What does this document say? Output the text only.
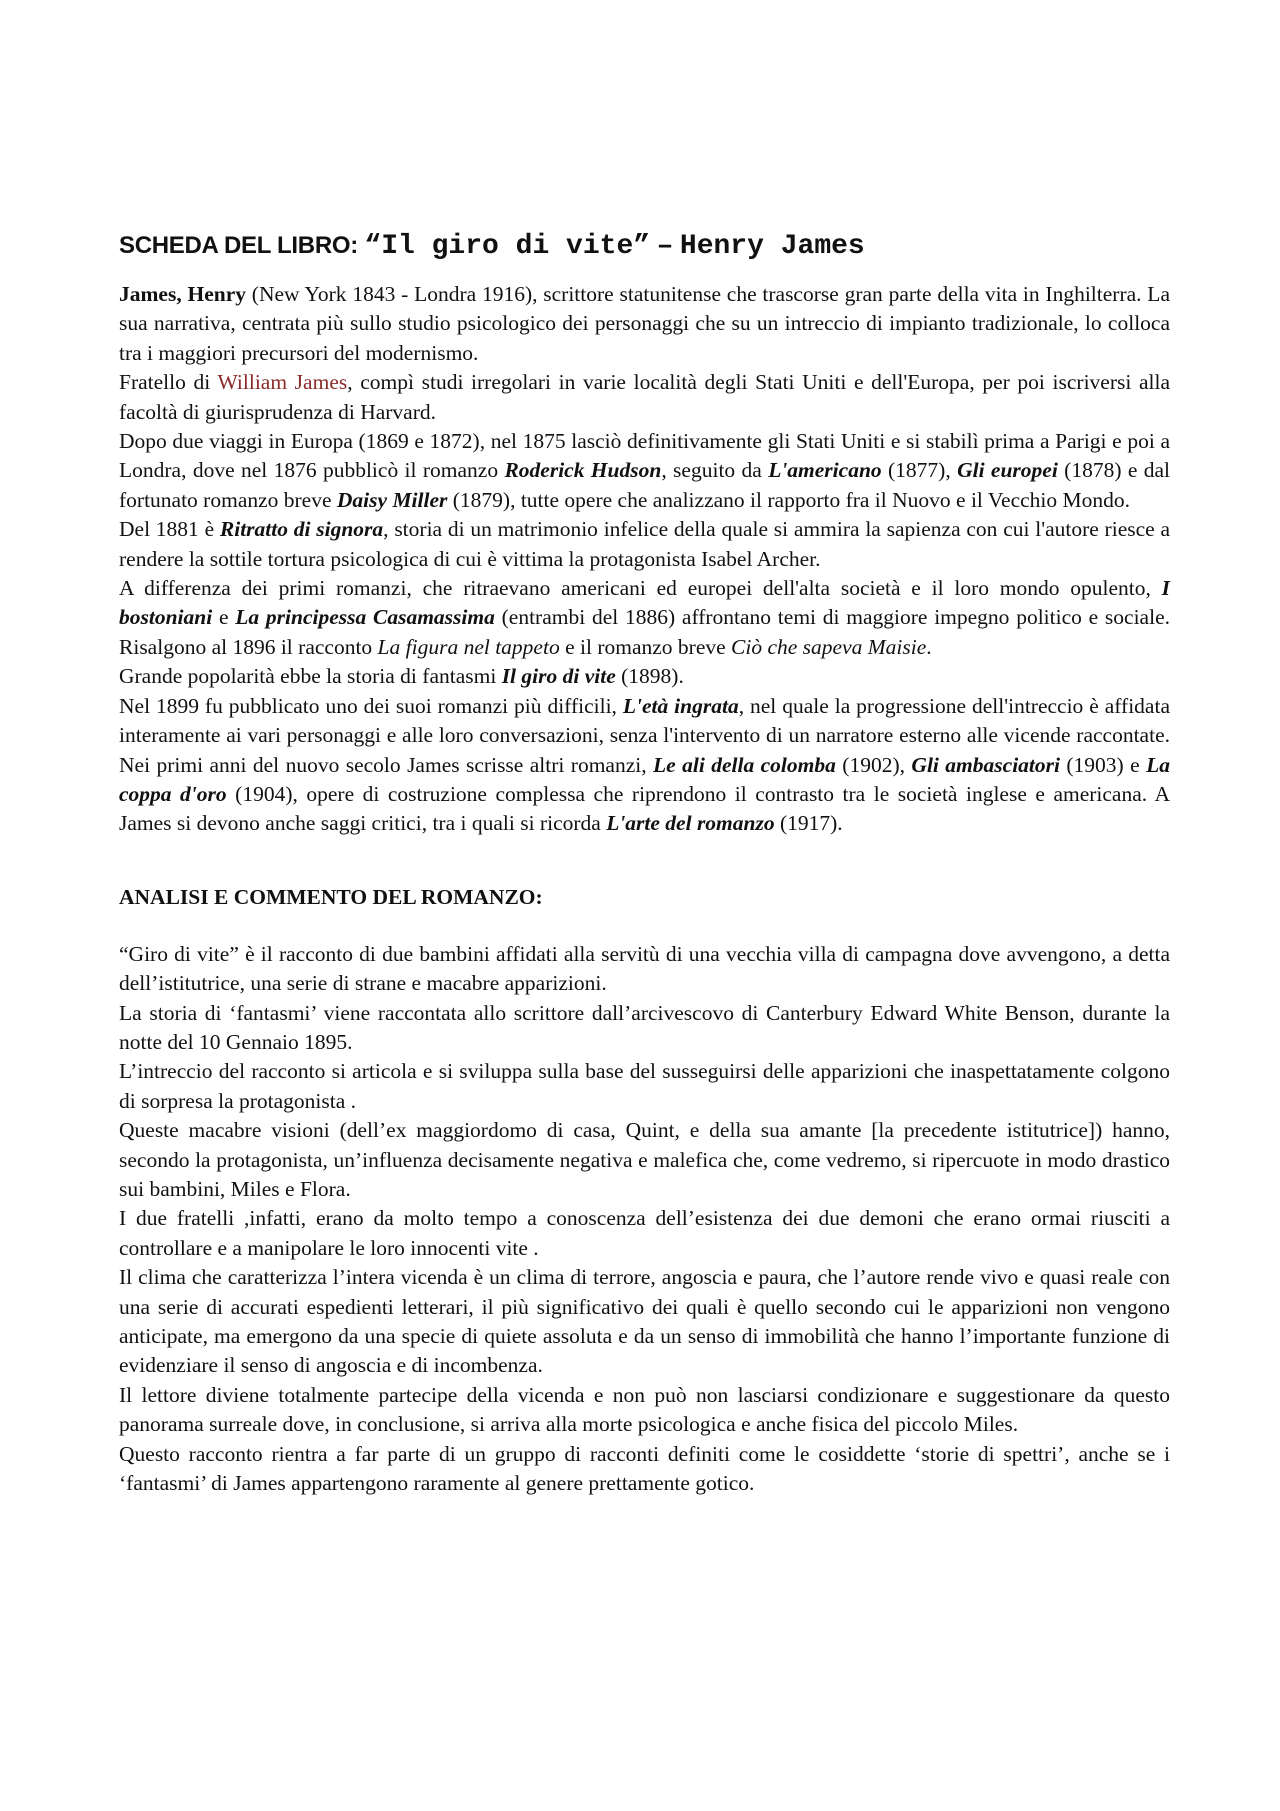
SCHEDA DEL LIBRO: “Il giro di vite” – Henry James

James, Henry (New York 1843 - Londra 1916), scrittore statunitense che trascorse gran parte della vita in Inghilterra. La sua narrativa, centrata più sullo studio psicologico dei personaggi che su un intreccio di impianto tradizionale, lo colloca tra i maggiori precursori del modernismo.

Fratello di William James, compì studi irregolari in varie località degli Stati Uniti e dell'Europa, per poi iscriversi alla facoltà di giurisprudenza di Harvard.

Dopo due viaggi in Europa (1869 e 1872), nel 1875 lasciò definitivamente gli Stati Uniti e si stabilì prima a Parigi e poi a Londra, dove nel 1876 pubblicò il romanzo Roderick Hudson, seguito da L'americano (1877), Gli europei (1878) e dal fortunato romanzo breve Daisy Miller (1879), tutte opere che analizzano il rapporto fra il Nuovo e il Vecchio Mondo.

Del 1881 è Ritratto di signora, storia di un matrimonio infelice della quale si ammira la sapienza con cui l'autore riesce a rendere la sottile tortura psicologica di cui è vittima la protagonista Isabel Archer.

A differenza dei primi romanzi, che ritraevano americani ed europei dell'alta società e il loro mondo opulento, I bostoniani e La principessa Casamassima (entrambi del 1886) affrontano temi di maggiore impegno politico e sociale. Risalgono al 1896 il racconto La figura nel tappeto e il romanzo breve Ciò che sapeva Maisie.

Grande popolarità ebbe la storia di fantasmi Il giro di vite (1898).

Nel 1899 fu pubblicato uno dei suoi romanzi più difficili, L'età ingrata, nel quale la progressione dell'intreccio è affidata interamente ai vari personaggi e alle loro conversazioni, senza l'intervento di un narratore esterno alle vicende raccontate. Nei primi anni del nuovo secolo James scrisse altri romanzi, Le ali della colomba (1902), Gli ambasciatori (1903) e La coppa d'oro (1904), opere di costruzione complessa che riprendono il contrasto tra le società inglese e americana. A James si devono anche saggi critici, tra i quali si ricorda L'arte del romanzo (1917).

ANALISI E COMMENTO DEL ROMANZO:

“Giro di vite” è il racconto di due bambini affidati alla servitù di una vecchia villa di campagna dove avvengono, a detta dell’istitutrice, una serie di strane e macabre apparizioni.

La storia di ‘fantasmi’ viene raccontata allo scrittore dall’arcivescovo di Canterbury Edward White Benson, durante la notte del 10 Gennaio 1895.

L’intreccio del racconto si articola e si sviluppa sulla base del susseguirsi delle apparizioni che inaspettatamente colgono di sorpresa la protagonista .

Queste macabre visioni (dell’ex maggiordomo di casa, Quint, e della sua amante [la precedente istitutrice]) hanno, secondo la protagonista, un’influenza decisamente negativa e malefica che, come vedremo, si ripercuote in modo drastico sui bambini, Miles e Flora.

I due fratelli ,infatti, erano da molto tempo a conoscenza dell’esistenza dei due demoni che erano ormai riusciti a controllare e a manipolare le loro innocenti vite .

Il clima che caratterizza l’intera vicenda è un clima di terrore, angoscia e paura, che l’autore rende vivo e quasi reale con una serie di accurati espedienti letterari, il più significativo dei quali è quello secondo cui le apparizioni non vengono anticipate, ma emergono da una specie di quiete assoluta e da un senso di immobilità che hanno l’importante funzione di evidenziare il senso di angoscia e di incombenza.

Il lettore diviene totalmente partecipe della vicenda e non può non lasciarsi condizionare e suggestionare da questo panorama surreale dove, in conclusione, si arriva alla morte psicologica e anche fisica del piccolo Miles.

Questo racconto rientra a far parte di un gruppo di racconti definiti come le cosiddette ‘storie di spettri’, anche se i ‘fantasmi’ di James appartengono raramente al genere prettamente gotico.
